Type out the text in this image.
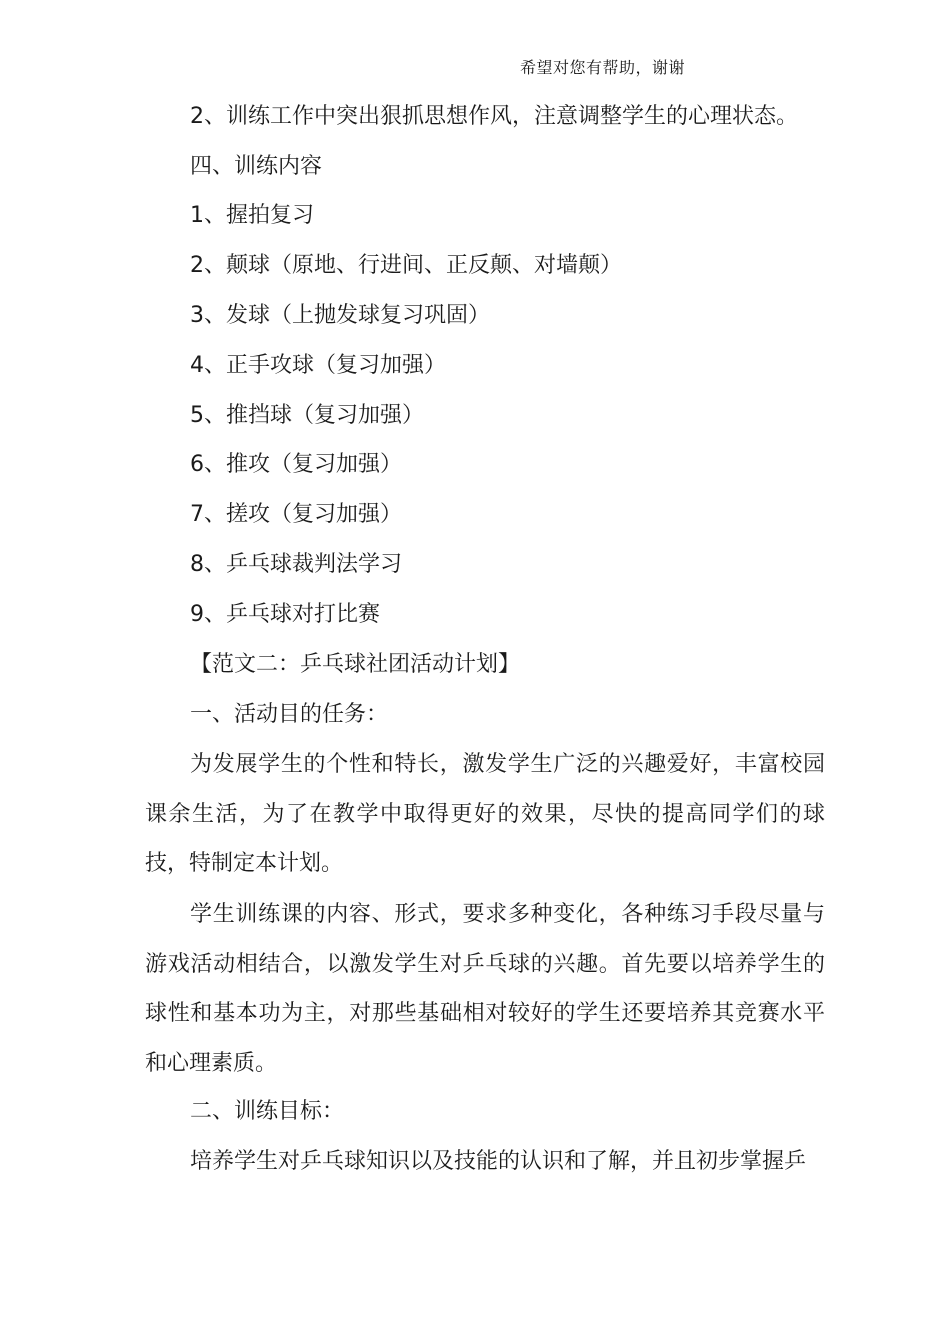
希望对您有帮助，谢谢
2、训练工作中突出狠抓思想作风，注意调整学生的心理状态。
四、训练内容
1、握拍复习
2、颠球（原地、行进间、正反颠、对墙颠）
3、发球（上抛发球复习巩固）
4、正手攻球（复习加强）
5、推挡球（复习加强）
6、推攻（复习加强）
7、搓攻（复习加强）
8、乒乓球裁判法学习
9、乒乓球对打比赛
【范文二：乒乓球社团活动计划】
一、活动目的任务：

为发展学生的个性和特长，激发学生广泛的兴趣爱好，丰富校园课余生活，为了在教学中取得更好的效果，尽快的提高同学们的球技，特制定本计划。

学生训练课的内容、形式，要求多种变化，各种练习手段尽量与游戏活动相结合，以激发学生对乒乓球的兴趣。首先要以培养学生的球性和基本功为主，对那些基础相对较好的学生还要培养其竞赛水平和心理素质。

二、训练目标：
培养学生对乒乓球知识以及技能的认识和了解，并且初步掌握乒
